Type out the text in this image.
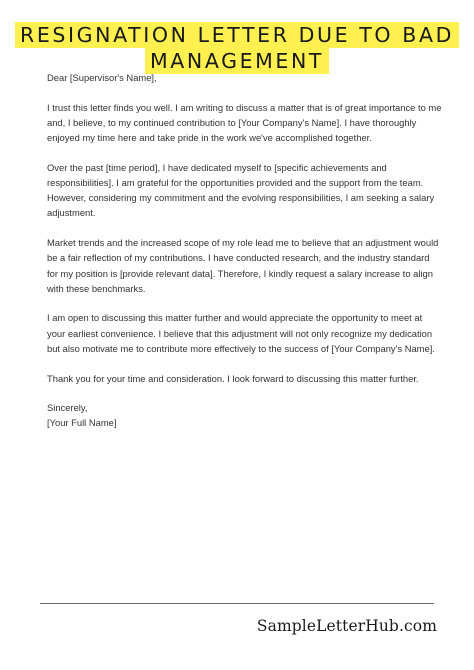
RESIGNATION LETTER DUE TO BAD
MANAGEMENT

Dear [Supervisor's Name],

I trust this letter finds you well. I am writing to discuss a matter that is of great importance to me and, I believe, to my continued contribution to [Your Company's Name]. I have thoroughly enjoyed my time here and take pride in the work we've accomplished together.

Over the past [time period], I have dedicated myself to [specific achievements and responsibilities]. I am grateful for the opportunities provided and the support from the team. However, considering my commitment and the evolving responsibilities, I am seeking a salary adjustment.

Market trends and the increased scope of my role lead me to believe that an adjustment would be a fair reflection of my contributions. I have conducted research, and the industry standard for my position is [provide relevant data]. Therefore, I kindly request a salary increase to align with these benchmarks.

I am open to discussing this matter further and would appreciate the opportunity to meet at your earliest convenience. I believe that this adjustment will not only recognize my dedication but also motivate me to contribute more effectively to the success of [Your Company's Name].

Thank you for your time and consideration. I look forward to discussing this matter further.

Sincerely,

[Your Full Name]

SampleLetterHub.com
